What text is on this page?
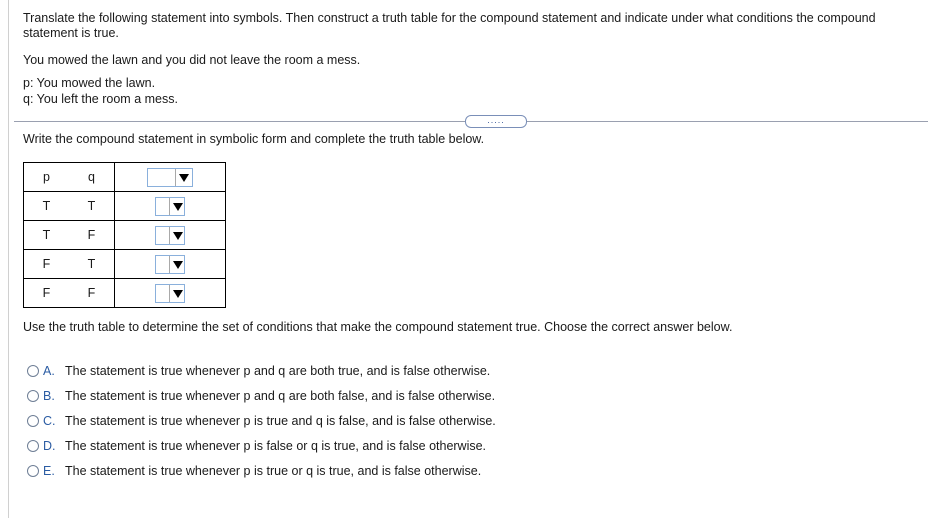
Translate the following statement into symbols. Then construct a truth table for the compound statement and indicate under what conditions the compound statement is true.
You mowed the lawn and you did not leave the room a mess.
p: You mowed the lawn.
q: You left the room a mess.
.....
Write the compound statement in symbolic form and complete the truth table below.
p	q	

T	T	

T	F	

F	T	

F	F	
Use the truth table to determine the set of conditions that make the compound statement true. Choose the correct answer below.
A. The statement is true whenever p and q are both true, and is false otherwise.
B. The statement is true whenever p and q are both false, and is false otherwise.
C. The statement is true whenever p is true and q is false, and is false otherwise.
D. The statement is true whenever p is false or q is true, and is false otherwise.
E. The statement is true whenever p is true or q is true, and is false otherwise.
